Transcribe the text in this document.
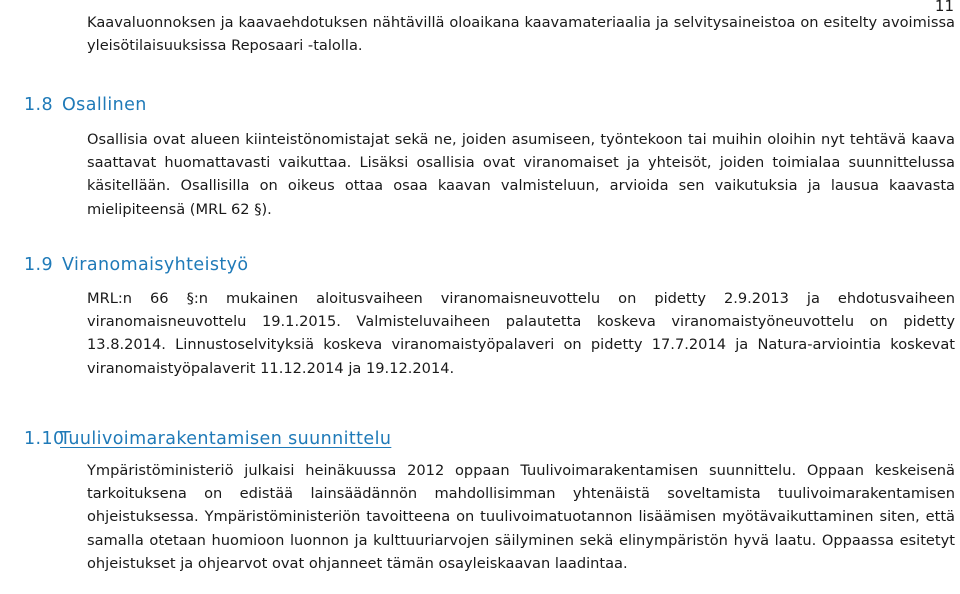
11

Kaavaluonnoksen ja kaavaehdotuksen nähtävillä oloaikana kaavamateriaalia ja selvitysaineistoa on esitelty avoimissa yleisötilaisuuksissa Reposaari -talolla.

1.8 Osallinen

Osallisia ovat alueen kiinteistönomistajat sekä ne, joiden asumiseen, työntekoon tai muihin oloihin nyt tehtävä kaava saattavat huomattavasti vaikuttaa. Lisäksi osallisia ovat viranomaiset ja yhteisöt, joiden toimialaa suunnittelussa käsitellään. Osallisilla on oikeus ottaa osaa kaavan valmisteluun, arvioida sen vaikutuksia ja lausua kaavasta mielipiteensä (MRL 62 §).

1.9 Viranomaisyhteistyö

MRL:n 66 §:n mukainen aloitusvaiheen viranomaisneuvottelu on pidetty 2.9.2013 ja ehdotusvaiheen viranomaisneuvottelu 19.1.2015. Valmisteluvaiheen palautetta koskeva viranomaistyöneuvottelu on pidetty 13.8.2014. Linnustoselvityksiä koskeva viranomaistyöpalaveri on pidetty 17.7.2014 ja Natura-arviointia koskevat viranomaistyöpalaverit 11.12.2014 ja 19.12.2014.

1.10Tuulivoimarakentamisen suunnittelu

Ympäristöministeriö julkaisi heinäkuussa 2012 oppaan Tuulivoimarakentamisen suunnittelu. Oppaan keskeisenä tarkoituksena on edistää lainsäädännön mahdollisimman yhtenäistä soveltamista tuulivoimarakentamisen ohjeistuksessa. Ympäristöministeriön tavoitteena on tuulivoimatuotannon lisäämisen myötävaikuttaminen siten, että samalla otetaan huomioon luonnon ja kulttuuriarvojen säilyminen sekä elinympäristön hyvä laatu. Oppaassa esitetyt ohjeistukset ja ohjearvot ovat ohjanneet tämän osayleiskaavan laadintaa.
